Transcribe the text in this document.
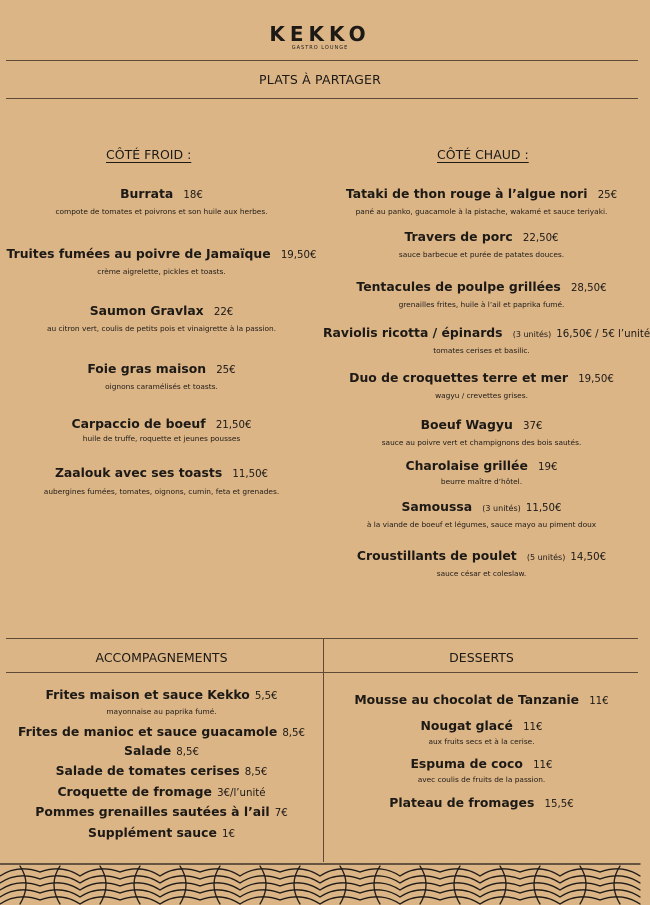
KEKKO
GASTRO LOUNGE
PLATS À PARTAGER
CÔTÉ FROID :	CÔTÉ CHAUD :
Burrata 18€
compote de tomates et poivrons et son huile aux herbes.
Truites fumées au poivre de Jamaïque 19,50€
crème aigrelette, pickles et toasts.
Saumon Gravlax 22€
au citron vert, coulis de petits pois et vinaigrette à la passion.
Foie gras maison 25€
oignons caramélisés et toasts.
Carpaccio de boeuf 21,50€
huile de truffe, roquette et jeunes pousses
Zaalouk avec ses toasts 11,50€
aubergines fumées, tomates, oignons, cumin, feta et grenades.
Tataki de thon rouge à l’algue nori 25€
pané au panko, guacamole à la pistache, wakamé et sauce teriyaki.
Travers de porc 22,50€
sauce barbecue et purée de patates douces.
Tentacules de poulpe grillées 28,50€
grenailles frites, huile à l’ail et paprika fumé.
Raviolis ricotta / épinards (3 unités) 16,50€ / 5€ l’unité
tomates cerises et basilic.
Duo de croquettes terre et mer 19,50€
wagyu / crevettes grises.
Boeuf Wagyu 37€
sauce au poivre vert et champignons des bois sautés.
Charolaise grillée 19€
beurre maître d’hôtel.
Samoussa (3 unités) 11,50€
à la viande de boeuf et légumes, sauce mayo au piment doux
Croustillants de poulet (5 unités) 14,50€
sauce césar et coleslaw.
ACCOMPAGNEMENTS	DESSERTS
Frites maison et sauce Kekko 5,5€
mayonnaise au paprika fumé.
Frites de manioc et sauce guacamole 8,5€
Salade 8,5€
Salade de tomates cerises 8,5€
Croquette de fromage 3€/l’unité
Pommes grenailles sautées à l’ail 7€
Supplément sauce 1€
Mousse au chocolat de Tanzanie 11€
Nougat glacé 11€
aux fruits secs et à la cerise.
Espuma de coco 11€
avec coulis de fruits de la passion.
Plateau de fromages 15,5€
